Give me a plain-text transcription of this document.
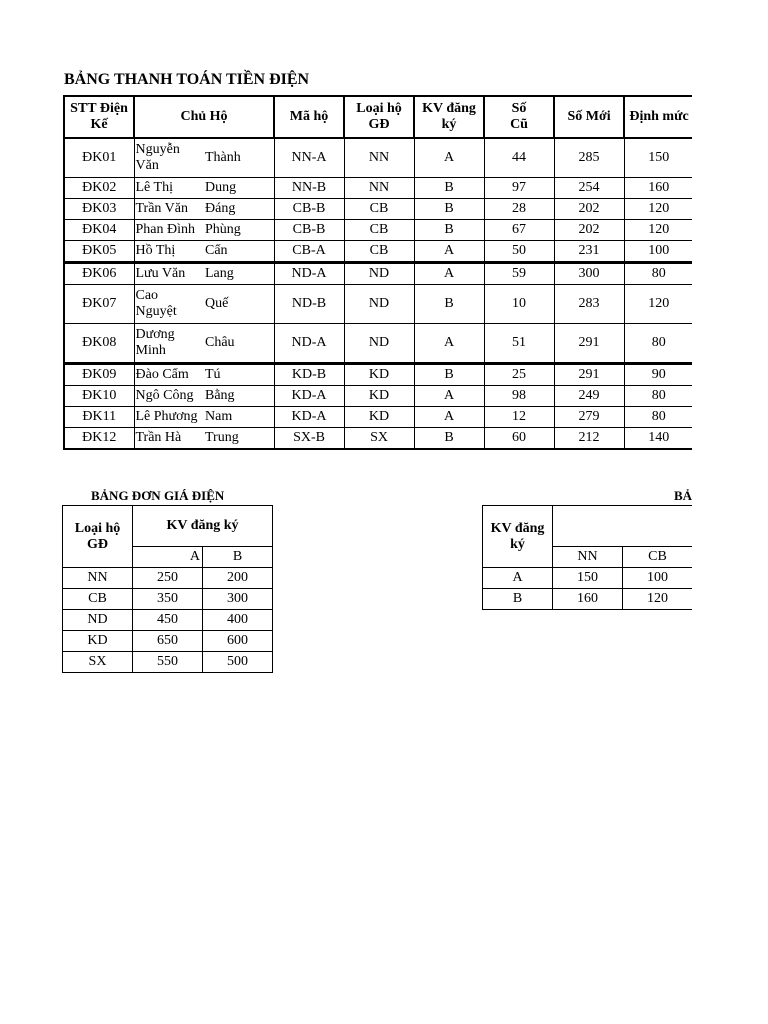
BẢNG THANH TOÁN TIỀN ĐIỆN
STT Điện Kế	Chủ Hộ		Mã hộ	Loại hộ GĐ	KV đăng ký	Số Cũ	Số Mới	Định mức
ĐK01	Nguyễn Văn	Thành	NN-A	NN	A	44	285	150
ĐK02	Lê Thị	Dung	NN-B	NN	B	97	254	160
ĐK03	Trần Văn	Đáng	CB-B	CB	B	28	202	120
ĐK04	Phan Đình	Phùng	CB-B	CB	B	67	202	120
ĐK05	Hồ Thị	Cẩn	CB-A	CB	A	50	231	100
ĐK06	Lưu Văn	Lang	ND-A	ND	A	59	300	80
ĐK07	Cao Nguyệt	Quế	ND-B	ND	B	10	283	120
ĐK08	Dương Minh	Châu	ND-A	ND	A	51	291	80
ĐK09	Đào Cẩm	Tú	KD-B	KD	B	25	291	90
ĐK10	Ngô Công	Bằng	KD-A	KD	A	98	249	80
ĐK11	Lê Phương	Nam	KD-A	KD	A	12	279	80
ĐK12	Trần Hà	Trung	SX-B	SX	B	60	212	140
BẢNG ĐƠN GIÁ ĐIỆN
Loại hộ GĐ	KV đăng ký	
	A	B
NN	250	200
CB	350	300
ND	450	400
KD	650	600
SX	550	500
BẢ
KV đăng ký			
	NN	CB	
A	150	100	
B	160	120	
